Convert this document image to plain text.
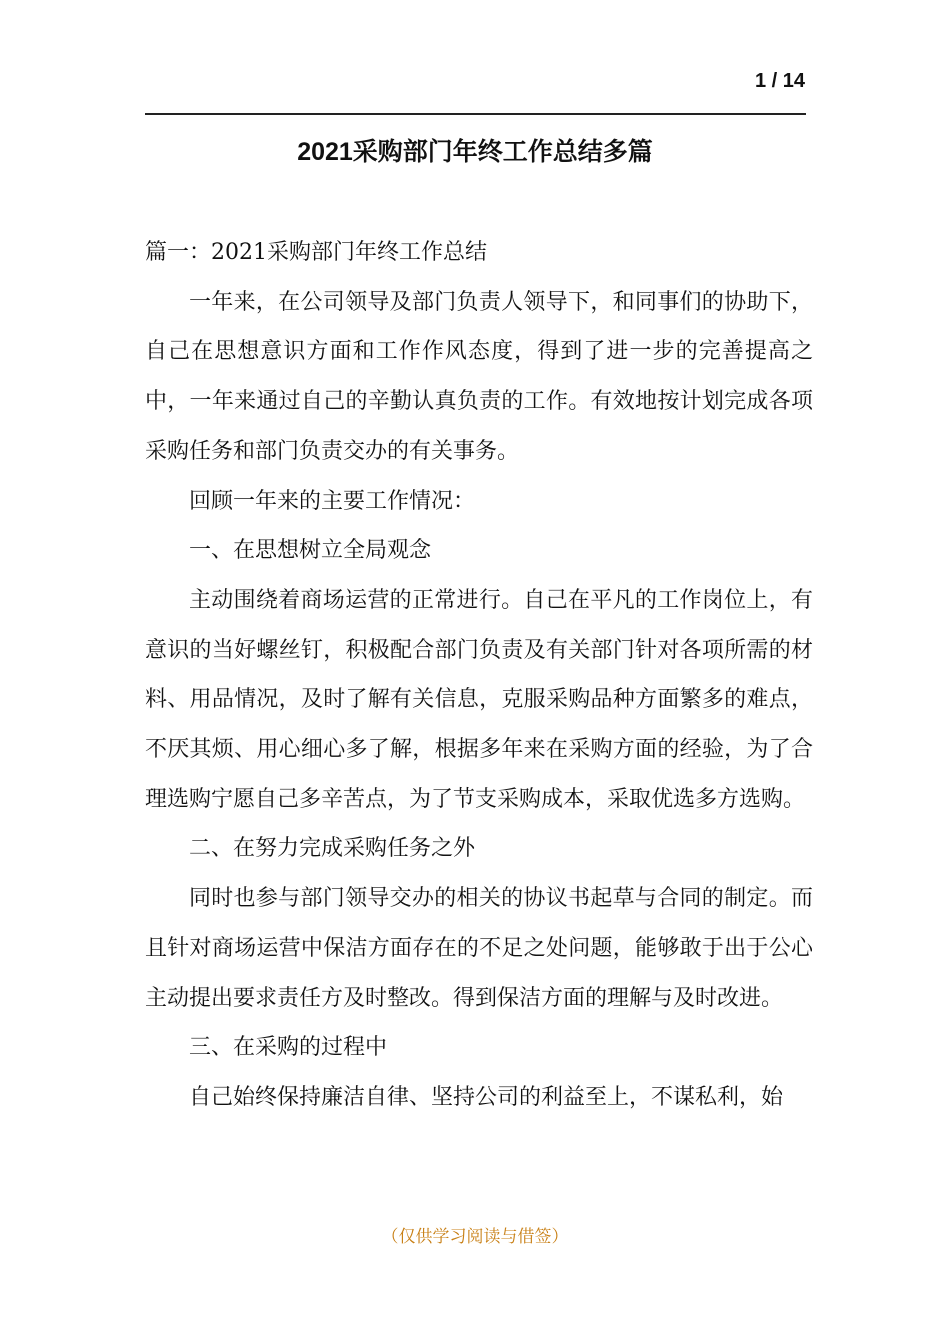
1 / 14
2021采购部门年终工作总结多篇

篇一：2021采购部门年终工作总结

一年来，在公司领导及部门负责人领导下，和同事们的协助下，自己在思想意识方面和工作作风态度，得到了进一步的完善提高之中，一年来通过自己的辛勤认真负责的工作。有效地按计划完成各项采购任务和部门负责交办的有关事务。

回顾一年来的主要工作情况：

一、在思想树立全局观念

主动围绕着商场运营的正常进行。自己在平凡的工作岗位上，有意识的当好螺丝钉，积极配合部门负责及有关部门针对各项所需的材料、用品情况，及时了解有关信息，克服采购品种方面繁多的难点，不厌其烦、用心细心多了解，根据多年来在采购方面的经验，为了合理选购宁愿自己多辛苦点，为了节支采购成本，采取优选多方选购。

二、在努力完成采购任务之外

同时也参与部门领导交办的相关的协议书起草与合同的制定。而且针对商场运营中保洁方面存在的不足之处问题，能够敢于出于公心主动提出要求责任方及时整改。得到保洁方面的理解与及时改进。

三、在采购的过程中

自己始终保持廉洁自律、坚持公司的利益至上，不谋私利，始

（仅供学习阅读与借签）
